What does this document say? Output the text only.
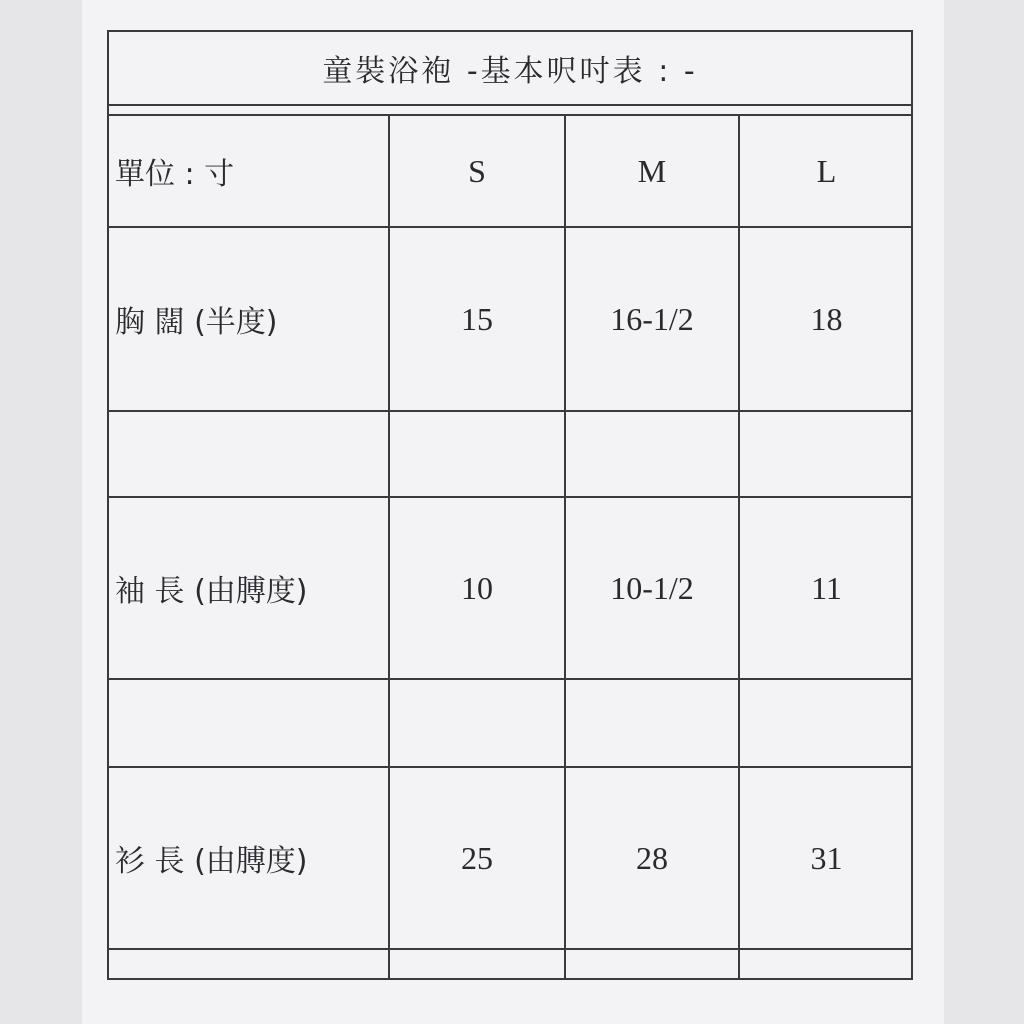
童裝浴袍 -基本呎吋表 : -
單位 : 寸	S	M	L
胸 闊 (半度)	15	16-1/2	18
袖 長 (由膊度)	10	10-1/2	11
衫 長 (由膊度)	25	28	31
